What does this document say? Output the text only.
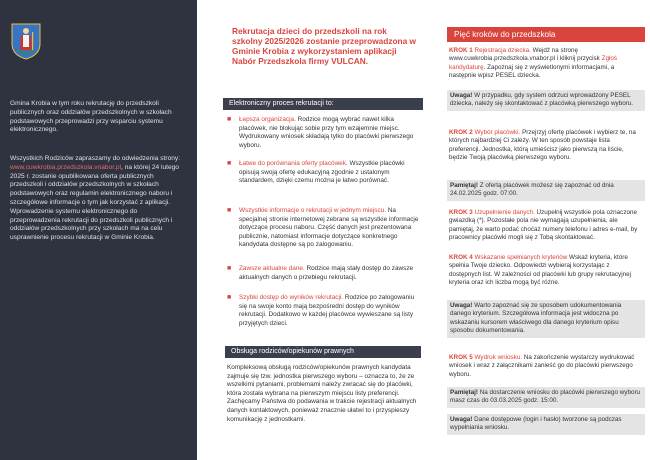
Gmina Krobia w tym roku rekrutację do przedszkoli publicznych oraz oddziałów przedszkolnych w szkołach podstawowych przeprowadzi przy wsparciu systemu elektronicznego.
Wszystkich Rodziców zapraszamy do odwiedzenia strony: www.cuwkrobia.przedszkola.vnabor.pl, na której 24 lutego 2025 r. zostanie opublikowana oferta publicznych przedszkoli i oddziałów przedszkolnych w szkołach podstawowych oraz regulamin elektronicznego naboru i szczegółowe informacje o tym jak korzystać z aplikacji. Wprowadzenie systemu elektronicznego do przeprowadzenia rekrutacji do przedszkoli publicznych i oddziałów przedszkolnych przy szkołach ma na celu usprawnienie procesu rekrutacji w Gminie Krobia.
Rekrutacja dzieci do przedszkoli na rok szkolny 2025/2026 zostanie przeprowadzona w Gminie Krobia z wykorzystaniem aplikacji Nabór Przedszkola firmy VULCAN.
Elektroniczny proces rekrutacji to:
■ Łepsza organizacja. Rodzice mogą wybrać nawet kilka placówek, nie blokując sobie przy tym wzajemnie miejsc. Wydrukowany wniosek składają tylko do placówki pierwszego wyboru.
■ Łatwe do porównania oferty placówek. Wszystkie placówki opisują swoją ofertę edukacyjną zgodnie z ustalonym standardem, dzięki czemu można je łatwo porównać.
■ Wszystkie informacje o rekrutacji w jednym miejscu. Na specjalnej stronie internetowej zebrane są wszystkie informacje dotyczące procesu naboru. Część danych jest prezentowana publicznie, natomiast informacje dotyczące konkretnego kandydata dostępne są po zalogowaniu.
■ Zawsze aktualne dane. Rodzice mają stały dostęp do zawsze aktualnych danych o przebiegu rekrutacji.
■ Szybki dostęp do wyników rekrutacji. Rodzice po zalogowaniu się na swoje konto mają bezpośredni dostęp do wyników rekrutacji. Dodatkowo w każdej placówce wywieszane są listy przyjętych dzieci.
Obsługa rodziców/opiekunów prawnych
Kompleksową obsługą rodziców/opiekunów prawnych kandydata zajmuje się tzw. jednostka pierwszego wyboru – oznacza to, że ze wszelkimi pytaniami, problemami należy zwracać się do placówki, która została wybrana na pierwszym miejscu listy preferencji. Zachęcamy Państwa do podawania w trakcie rejestracji aktualnych danych kontaktowych, ponieważ znacznie ułatwi to i przyspieszy komunikację z jednostkami.
Pięć kroków do przedszkola
KROK 1 Rejestracja dziecka. Wejdź na stronę www.cuwkrobia.przedszkola.vnabor.pl i kliknij przycisk Zgłoś kandydaturę. Zapoznaj się z wyświetlonymi informacjami, a następnie wpisz PESEL dziecka.
Uwaga! W przypadku, gdy system odrzuci wprowadzony PESEL dziecka, należy się skontaktować z placówką pierwszego wyboru.
KROK 2 Wybór placówki. Przejrzyj ofertę placówek i wybierz te, na których najbardziej Ci zależy. W ten sposób powstaje lista preferencji. Jednostka, którą umieścisz jako pierwszą na liście, będzie Twoją placówką pierwszego wyboru.
Pamiętaj! Z ofertą placówek możesz się zapoznać od dnia 24.02.2025 godz. 07:00.
KROK 3 Uzupełnienie danych. Uzupełnij wszystkie pola oznaczone gwiazdką (*). Pozostałe pola nie wymagają uzupełnienia, ale pamiętaj, że warto podać choćaż numery telefonu i adres e-mail, by pracownicy placówki mogli się z Tobą skontaktować.
KROK 4 Wskazanie spełnianych kryteriów Wskaż kryteria, które spełnia Twoje dziecko. Odpowiedzi wybieraj korzystając z dostępnych list. W zależności od placówki lub grupy rekrutacyjnej kryteria oraz ich liczba mogą być różne.
Uwaga! Warto zapoznać się ze sposobem udokumentowania danego kryterium. Szczegółowa informacja jest widoczna po wskazaniu kursorem właściwego dla danego kryterium opisu sposobu dokumentowania.
KROK 5 Wydruk wniosku. Na zakończenie wystarczy wydrukować wniosek i wraz z załącznikami zanieść go do placówki pierwszego wyboru.
Pamiętaj! Na dostarczenie wniosku do placówki pierwszego wyboru masz czas do 03.03.2025 godz. 15:00.
Uwaga! Dane dostępowe (login i hasło) tworzone są podczas wypełniania wniosku.
